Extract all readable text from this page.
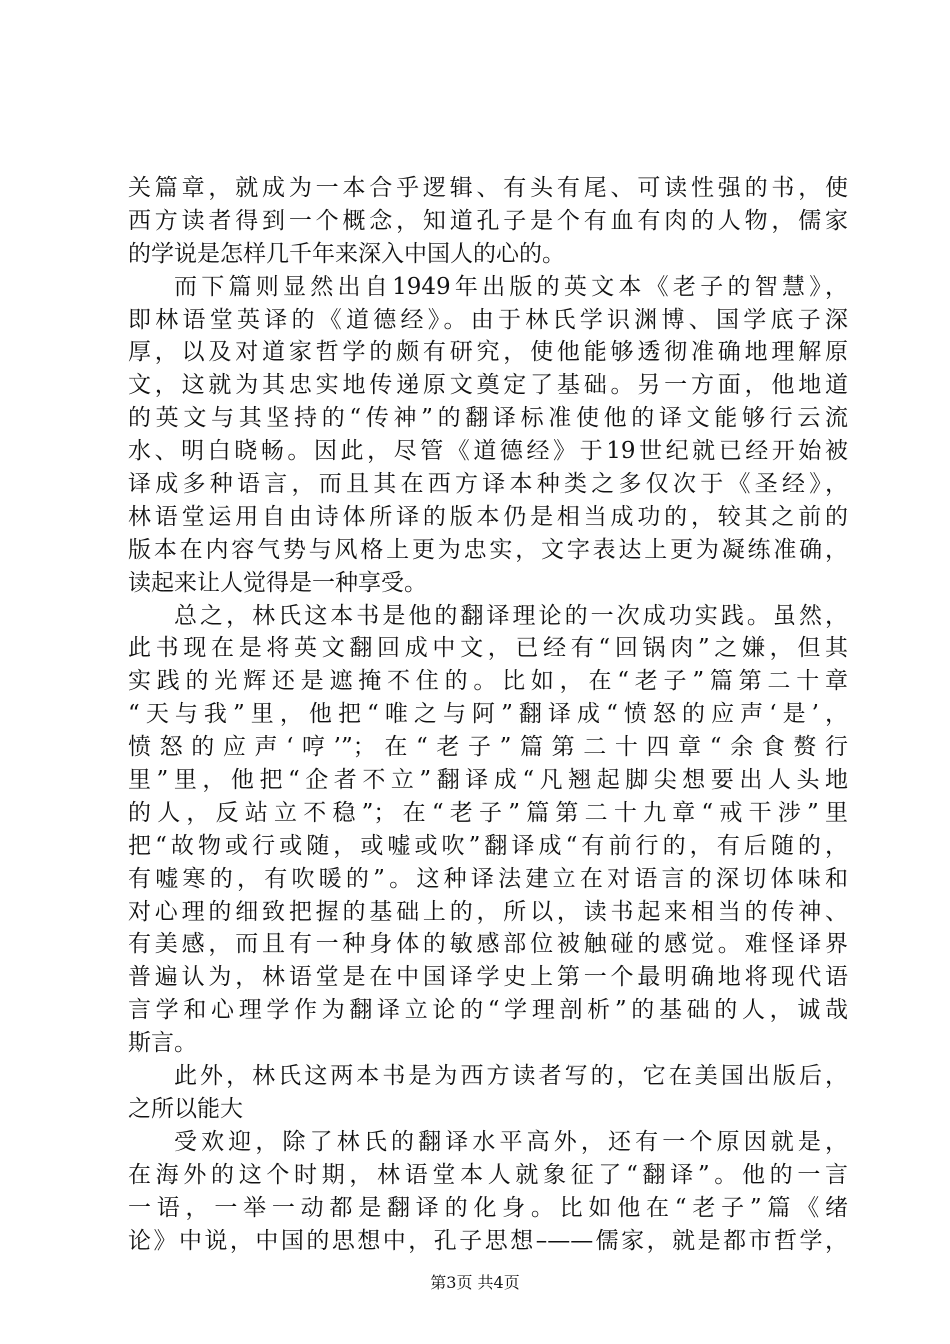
关篇章，就成为一本合乎逻辑、有头有尾、可读性强的书，使
西方读者得到一个概念，知道孔子是个有血有肉的人物，儒家
的学说是怎样几千年来深入中国人的心的。
而下篇则显然出自1949年出版的英文本《老子的智慧》，
即林语堂英译的《道德经》。由于林氏学识渊博、国学底子深
厚，以及对道家哲学的颇有研究，使他能够透彻准确地理解原
文，这就为其忠实地传递原文奠定了基础。另一方面，他地道
的英文与其坚持的“传神”的翻译标准使他的译文能够行云流
水、明白晓畅。因此，尽管《道德经》于19世纪就已经开始被
译成多种语言，而且其在西方译本种类之多仅次于《圣经》，
林语堂运用自由诗体所译的版本仍是相当成功的，较其之前的
版本在内容气势与风格上更为忠实，文字表达上更为凝练准确，
读起来让人觉得是一种享受。
总之，林氏这本书是他的翻译理论的一次成功实践。虽然，
此书现在是将英文翻回成中文，已经有“回锅肉”之嫌，但其
实践的光辉还是遮掩不住的。比如，在“老子”篇第二十章
“天与我”里，他把“唯之与阿”翻译成“愤怒的应声‘是’，
愤怒的应声‘哼’”；在“老子”篇第二十四章“余食赘行
里”里，他把“企者不立”翻译成“凡翘起脚尖想要出人头地
的人，反站立不稳”；在“老子”篇第二十九章“戒干涉”里
把“故物或行或随，或嘘或吹”翻译成“有前行的，有后随的，
有嘘寒的，有吹暖的”。这种译法建立在对语言的深切体味和
对心理的细致把握的基础上的，所以，读书起来相当的传神、
有美感，而且有一种身体的敏感部位被触碰的感觉。难怪译界
普遍认为，林语堂是在中国译学史上第一个最明确地将现代语
言学和心理学作为翻译立论的“学理剖析”的基础的人，诚哉
斯言。
此外，林氏这两本书是为西方读者写的，它在美国出版后，
之所以能大
受欢迎，除了林氏的翻译水平高外，还有一个原因就是，
在海外的这个时期，林语堂本人就象征了“翻译”。他的一言
一语，一举一动都是翻译的化身。比如他在“老子”篇《绪
论》中说，中国的思想中，孔子思想–——儒家，就是都市哲学，
第3页 共4页
